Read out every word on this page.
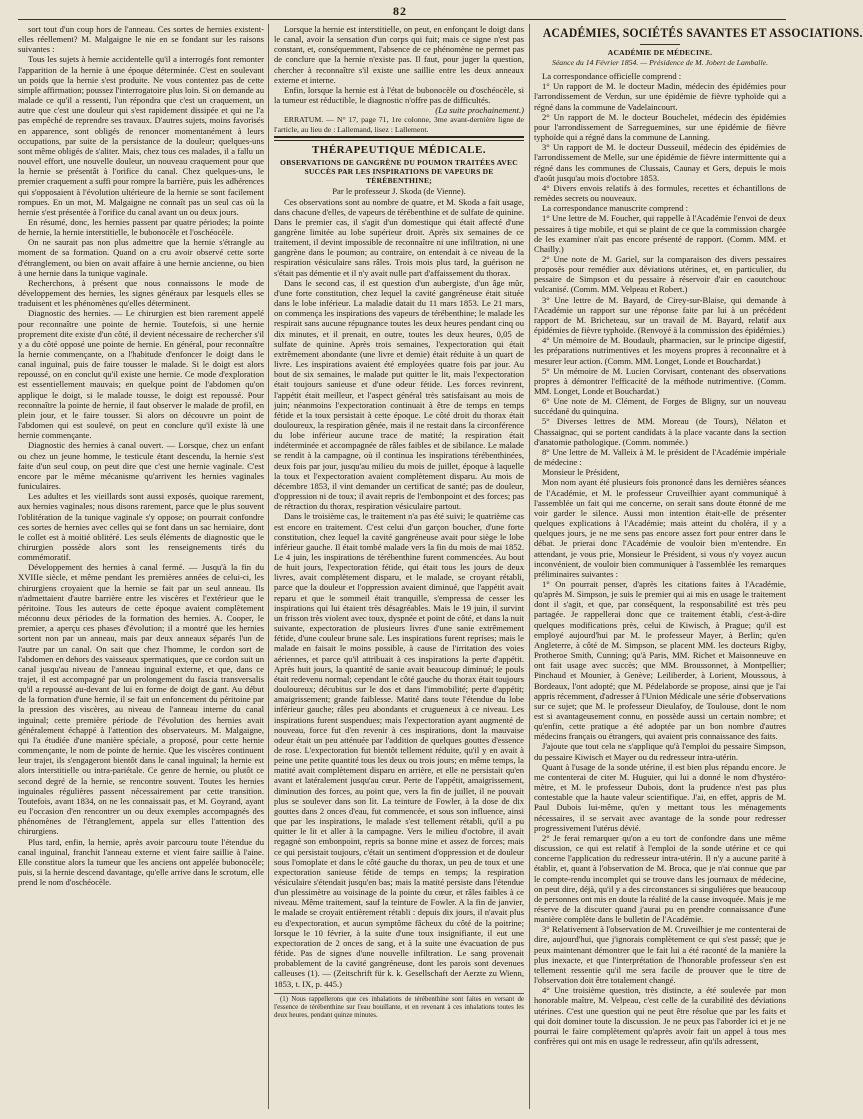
82

sort tout d'un coup hors de l'anneau. Ces sortes de hernies existent-elles réellement? M. Malgaigne le nie en se fondant sur les raisons suivantes :

Tous les sujets à hernie accidentelle qu'il a interrogés font remonter l'apparition de la hernie à une époque déterminée. C'est en soulevant un poids que la hernie s'est produite. Ne vous contentez pas de cette simple affirmation; poussez l'interrogatoire plus loin. Si on demande au malade ce qu'il a ressenti, l'un répondra que c'est un craquement, un autre que c'est une douleur qui s'est rapidement dissipée et qui ne l'a pas empêché de reprendre ses travaux. D'autres sujets, moins favorisés en apparence, sont obligés de renoncer momentanément à leurs occupations, par suite de la persistance de la douleur; quelques-uns sont même obligés de s'aliter. Mais, chez tous ces malades, il a fallu un nouvel effort, une nouvelle douleur, un nouveau craquement pour que la hernie se présentât à l'orifice du canal. Chez quelques-uns, le premier craquement a suffi pour rompre la barrière, puis les adhérences qui s'opposaient à l'évolution ultérieure de la hernie se sont facilement rompues. En un mot, M. Malgaigne ne connaît pas un seul cas où la hernie s'est présentée à l'orifice du canal avant un ou deux jours.

En résumé, donc, les hernies passent par quatre périodes; la pointe de hernie, la hernie interstitielle, le bubonocèle et l'oschéocèle.

On ne saurait pas non plus admettre que la hernie s'étrangle au moment de sa formation. Quand on a cru avoir observé cette sorte d'étranglement, ou bien on avait affaire à une hernie ancienne, ou bien à une hernie dans la tunique vaginale.

Recherchons, à présent que nous connaissons le mode de développement des hernies, les signes généraux par lesquels elles se traduisent et les phénomènes qu'elles déterminent.

Diagnostic des hernies. — Le chirurgien est bien rarement appelé pour reconnaître une pointe de hernie. Toutefois, si une hernie proprement dite existe d'un côté, il devient nécessaire de rechercher s'il y a du côté opposé une pointe de hernie. En général, pour reconnaître la hernie commençante, on a l'habitude d'enfoncer le doigt dans le canal inguinal, puis de faire tousser le malade. Si le doigt est alors repoussé, on en conclut qu'il existe une hernie. Ce mode d'exploration est essentiellement mauvais; en quelque point de l'abdomen qu'on applique le doigt, si le malade tousse, le doigt est repoussé. Pour reconnaître la pointe de hernie, il faut observer le malade de profil, en plein jour, et le faire tousser. Si alors on découvre un point de l'abdomen qui est soulevé, on peut en conclure qu'il existe là une hernie commençante.

Diagnostic des hernies à canal ouvert. — Lorsque, chez un enfant ou chez un jeune homme, le testicule étant descendu, la hernie s'est faite d'un seul coup, on peut dire que c'est une hernie vaginale. C'est encore par le même mécanisme qu'arrivent les hernies vaginales funiculaires.

Les adultes et les vieillards sont aussi exposés, quoique rarement, aux hernies vaginales; nous disons rarement, parce que le plus souvent l'oblitération de la tunique vaginale s'y oppose; on pourrait confondre ces sortes de hernies avec celles qui se font dans un sac herniaire, dont le collet est à moitié oblitéré. Les seuls éléments de diagnostic que le chirurgien possède alors sont les renseignements tirés du commémoratif.

Développement des hernies à canal fermé. — Jusqu'à la fin du XVIIIe siècle, et même pendant les premières années de celui-ci, les chirurgiens croyaient que la hernie se fait par un seul anneau. Ils n'admettaient d'autre barrière entre les viscères et l'extérieur que le péritoine. Tous les auteurs de cette époque avaient complètement méconnu deux périodes de la formation des hernies. A. Cooper, le premier, a aperçu ces phases d'évolution; il a montré que les hernies sortent non par un anneau, mais par deux anneaux séparés l'un de l'autre par un canal. On sait que chez l'homme, le cordon sort de l'abdomen en dehors des vaisseaux spermatiques, que ce cordon suit un canal jusqu'au niveau de l'anneau inguinal externe, et que, dans ce trajet, il est accompagné par un prolongement du fascia transversalis qu'il a repoussé au-devant de lui en forme de doigt de gant. Au début de la formation d'une hernie, il se fait un enfoncement du péritoine par la pression des viscères, au niveau de l'anneau interne du canal inguinal; cette première période de l'évolution des hernies avait généralement échappé à l'attention des observateurs. M. Malgaigne, qui l'a étudiée d'une manière spéciale, a proposé, pour cette hernie commençante, le nom de pointe de hernie. Que les viscères continuent leur trajet, ils s'engageront bientôt dans le canal inguinal; la hernie est alors interstitielle ou intra-pariétale. Ce genre de hernie, ou plutôt ce second degré de la hernie, se rencontre souvent. Toutes les hernies inguinales régulières passent nécessairement par cette transition. Toutefois, avant 1834, on ne les connaissait pas, et M. Goyrand, ayant eu l'occasion d'en rencontrer un ou deux exemples accompagnés des phénomènes de l'étranglement, appela sur elles l'attention des chirurgiens.

Plus tard, enfin, la hernie, après avoir parcouru toute l'étendue du canal inguinal, franchit l'anneau externe et vient faire saillie à l'aine. Elle constitue alors la tumeur que les anciens ont appelée bubonocèle; puis, si la hernie descend davantage, qu'elle arrive dans le scrotum, elle prend le nom d'oschéocèle.

Lorsque la hernie est interstitielle, on peut, en enfonçant le doigt dans le canal, avoir la sensation d'un corps qui fuit; mais ce signe n'est pas constant, et, conséquemment, l'absence de ce phénomène ne permet pas de conclure que la hernie n'existe pas. Il faut, pour juger la question, chercher à reconnaître s'il existe une saillie entre les deux anneaux externe et interne.

Enfin, lorsque la hernie est à l'état de bubonocèle ou d'oschéocèle, si la tumeur est réductible, le diagnostic n'offre pas de difficultés.

(La suite prochainement.)

ERRATUM. — N° 17, page 71, 1re colonne, 3me avant-dernière ligne de l'article, au lieu de : Lallemand, lisez : Lallement.

THÉRAPEUTIQUE MÉDICALE.
OBSERVATIONS DE GANGRÈNE DU POUMON TRAITÉES AVEC SUCCÈS PAR LES INSPIRATIONS DE VAPEURS DE TÉRÉBENTHINE;

Par le professeur J. Skoda (de Vienne).

Ces observations sont au nombre de quatre, et M. Skoda a fait usage, dans chacune d'elles, de vapeurs de térébenthine et de sulfate de quinine. Dans le premier cas, il s'agit d'un domestique qui était affecté d'une gangrène limitée au lobe supérieur droit. Après six semaines de ce traitement, il devint impossible de reconnaître ni une infiltration, ni une gangrène dans le poumon; au contraire, on entendait à ce niveau de la respiration vésiculaire sans râles. Trois mois plus tard, la guérison ne s'était pas démentie et il n'y avait nulle part d'affaissement du thorax.

Dans le second cas, il est question d'un aubergiste, d'un âge mûr, d'une forte constitution, chez lequel la cavité gangréneuse était située dans le lobe inférieur. La maladie datait du 11 mars 1853. Le 21 mars, on commença les inspirations des vapeurs de térébenthine; le malade les respirait sans aucune répugnance toutes les deux heures pendant cinq ou dix minutes, et il prenait, en outre, toutes les deux heures, 0,05 de sulfate de quinine. Après trois semaines, l'expectoration qui était extrêmement abondante (une livre et demie) était réduite à un quart de livre. Les inspirations avaient été employées quatre fois par jour. Au bout de six semaines, le malade put quitter le lit, mais l'expectoration était toujours sanieuse et d'une odeur fétide. Les forces revinrent, l'appétit était meilleur, et l'aspect général très satisfaisant au mois de juin; néanmoins l'expectoration continuait à être de temps en temps fétide et la toux persistait à cette époque. Le côté droit du thorax était douloureux, la respiration gênée, mais il ne restait dans la circonférence du lobe inférieur aucune trace de matité; la respiration était indéterminée et accompagnée de râles faibles et de sibilance. Le malade se rendit à la campagne, où il continua les inspirations térébenthinées, deux fois par jour, jusqu'au milieu du mois de juillet, époque à laquelle la toux et l'expectoration avaient complètement disparu. Au mois de décembre 1853, il vint demander un certificat de santé; pas de douleur, d'oppression ni de toux; il avait repris de l'embonpoint et des forces; pas de rétraction du thorax, respiration vésiculaire partout.

Dans le troisième cas, le traitement n'a pas été suivi; le quatrième cas est encore en traitement. C'est celui d'un garçon boucher, d'une forte constitution, chez lequel la cavité gangréneuse avait pour siège le lobe inférieur gauche. Il était tombé malade vers la fin du mois de mai 1852. Le 4 juin, les inspirations de térébenthine furent commencées. Au bout de huit jours, l'expectoration fétide, qui était tous les jours de deux livres, avait complètement disparu, et le malade, se croyant rétabli, parce que la douleur et l'oppression avaient diminué, que l'appétit avait reparu et que le sommeil était tranquille, s'empressa de cesser les inspirations qui lui étaient très désagréables. Mais le 19 juin, il survint un frisson très violent avec toux, dyspnée et point de côté, et dans la nuit suivante, expectoration de plusieurs livres d'une sanie extrêmement fétide, d'une couleur brune sale. Les inspirations furent reprises; mais le malade en faisait le moins possible, à cause de l'irritation des voies aériennes, et parce qu'il attribuait à ces inspirations la perte d'appétit. Après huit jours, la quantité de sanie avait beaucoup diminué; le pouls était redevenu normal; cependant le côté gauche du thorax était toujours douloureux; décubitus sur le dos et dans l'immobilité; perte d'appétit; amaigrissement; grande faiblesse. Matité dans toute l'étendue du lobe inférieur gauche; râles peu abondants et crugueneux à ce niveau. Les inspirations furent suspendues; mais l'expectoration ayant augmenté de nouveau, force fut d'en revenir à ces inspirations, dont la mauvaise odeur était un peu atténuée par l'addition de quelques gouttes d'essence de rose. L'expectoration fut bientôt tellement réduite, qu'il y en avait à peine une petite quantité tous les deux ou trois jours; en même temps, la matité avait complètement disparu en arrière, et elle ne persistait qu'en avant et latéralement jusqu'au cœur. Perte de l'appétit, amaigrissement, diminution des forces, au point que, vers la fin de juillet, il ne pouvait plus se soulever dans son lit. La teinture de Fowler, à la dose de dix gouttes dans 2 onces d'eau, fut commencée, et sous son influence, ainsi que par les inspirations, le malade s'est tellement rétabli, qu'il a pu quitter le lit et aller à la campagne. Vers le milieu d'octobre, il avait regagné son embonpoint, repris sa bonne mine et assez de forces; mais ce qui persistait toujours, c'était un sentiment d'oppression et de douleur sous l'omoplate et dans le côté gauche du thorax, un peu de toux et une expectoration sanieuse fétide de temps en temps; la respiration vésiculaire s'étendait jusqu'en bas; mais la matité persiste dans l'étendue d'un plessimètre au voisinage de la pointe du cœur, et râles faibles à ce niveau. Même traitement, sauf la teinture de Fowler. A la fin de janvier, le malade se croyait entièrement rétabli : depuis dix jours, il n'avait plus eu d'expectoration, et aucun symptôme fâcheux du côté de la poitrine; lorsque le 10 février, à la suite d'une toux insignifiante, il eut une expectoration de 2 onces de sang, et à la suite une évacuation de pus fétide. Pas de signes d'une nouvelle infiltration. Le sang provenait probablement de la cavité gangréneuse, dont les parois sont devenues calleuses (1). — (Zeitschrift für k. k. Gesellschaft der Aerzte zu Wienn, 1853, t. IX, p. 445.)

(1) Nous rappellerons que ces inhalations de térébenthine sont faites en versant de l'essence de térébenthine sur l'eau bouillante, et en revenant à ces inhalations toutes les deux heures, pendant quinze minutes.

ACADÉMIES, SOCIÉTÉS SAVANTES ET ASSOCIATIONS.
ACADÉMIE DE MÉDECINE.
Séance du 14 Février 1854. — Présidence de M. Jobert de Lamballe.

La correspondance officielle comprend :

1° Un rapport de M. le docteur Madin, médecin des épidémies pour l'arrondissement de Verdun, sur une épidémie de fièvre typhoïde qui a régné dans la commune de Vadelaincourt.

2° Un rapport de M. le docteur Bouchelet, médecin des épidémies pour l'arrondissement de Sarreguemines, sur une épidémie de fièvre typhoïde qui a régné dans la commune de Lanning.

3° Un rapport de M. le docteur Dusseuil, médecin des épidémies de l'arrondissement de Melle, sur une épidémie de fièvre intermittente qui a régné dans les communes de Clussais, Caunay et Gers, depuis le mois d'août jusqu'au mois d'octobre 1853.

4° Divers envois relatifs à des formules, recettes et échantillons de remèdes secrets ou nouveaux.

La correspondance manuscrite comprend :

1° Une lettre de M. Foucher, qui rappelle à l'Académie l'envoi de deux pessaires à tige mobile, et qui se plaint de ce que la commission chargée de les examiner n'ait pas encore présenté de rapport. (Comm. MM. et Chailly.)

2° Une note de M. Gariel, sur la comparaison des divers pessaires proposés pour remédier aux déviations utérines, et, en particulier, du pessaire de Simpson et du pessaire à réservoir d'air en caoutchouc vulcanisé. (Comm. MM. Velpeau et Robert.)

3° Une lettre de M. Bayard, de Cirey-sur-Blaise, qui demande à l'Académie un rapport sur une réponse faite par lui à un précédent rapport de M. Bricheteau, sur un travail de M. Bayard, relatif aux épidémies de fièvre typhoïde. (Renvoyé à la commission des épidémies.)

4° Un mémoire de M. Boudault, pharmacien, sur le principe digestif, les préparations nutrimentives et les moyens propres à reconnaître et à mesurer leur action. (Comm. MM. Longet, Londe et Bouchardat.)

5° Un mémoire de M. Lucien Corvisart, contenant des observations propres à démontrer l'efficacité de la méthode nutrimentive. (Comm. MM. Longet, Londe et Bouchardat.)

6° Une note de M. Clément, de Forges de Bligny, sur un nouveau succédané du quinquina.

5° Diverses lettres de MM. Moreau (de Tours), Nélaton et Chassaignac, qui se portent candidats à la place vacante dans la section d'anatomie pathologique. (Comm. nommée.)

8° Une lettre de M. Valleix à M. le président de l'Académie impériale de médecine :

Monsieur le Président,

Mon nom ayant été plusieurs fois prononcé dans les dernières séances de l'Académie, et M. le professeur Cruveilhier ayant communiqué à l'assemblée un fait qui me concerne, on serait sans doute étonné de me voir garder le silence. Aussi mon intention était-elle de présenter quelques explications à l'Académie; mais atteint du choléra, il y a quelques jours, je ne me sens pas encore assez fort pour entrer dans le débat. Je prierai donc l'Académie de vouloir bien m'entendre. En attendant, je vous prie, Monsieur le Président, si vous n'y voyez aucun inconvénient, de vouloir bien communiquer à l'assemblée les remarques préliminaires suivantes :

1° On pourrait penser, d'après les citations faites à l'Académie, qu'après M. Simpson, je suis le premier qui ai mis en usage le traitement dont il s'agit, et que, par conséquent, la responsabilité est très peu partagée. Je rappellerai donc que ce traitement établi, c'est-à-dire quelques modifications près, celui de Kiwisch, à Prague; qu'il est employé aujourd'hui par M. le professeur Mayer, à Berlin; qu'en Angleterre, à côté de M. Simpson, se placent MM. les docteurs Rigby, Protheroe Smith, Cunning; qu'à Paris, MM. Richet et Maisonneuve en ont fait usage avec succès; que MM. Broussonnet, à Montpellier; Pinchaud et Mounier, à Genève; Leiliberder, à Lorient, Moussous, à Bordeaux, l'ont adopté; que M. Pédelaborde se propose, ainsi que je l'ai appris récemment, d'adresser à l'Union Médicale une série d'observations sur ce sujet; que M. le professeur Dieulafoy, de Toulouse, dont le nom est si avantageusement connu, en possède aussi un certain nombre; et qu'enfin, cette pratique a été adoptée par un bon nombre d'autres médecins français ou étrangers, qui avaient pris connaissance des faits.

J'ajoute que tout cela ne s'applique qu'à l'emploi du pessaire Simpson, du pessaire Kiwisch et Mayer ou du redresseur intra-utérin.

Quant à l'usage de la sonde utérine, il est bien plus répandu encore. Je me contenterai de citer M. Huguier, qui lui a donné le nom d'hystéro-mètre, et M. le professeur Dubois, dont la prudence n'est pas plus contestable que la haute valeur scientifique. J'ai, en effet, appris de M. Paul Dubois lui-même, qu'en y mettant tous les ménagements nécessaires, il se servait avec avantage de la sonde pour redresser progressivement l'utérus dévié.

2° Je ferai remarquer qu'on a eu tort de confondre dans une même discussion, ce qui est relatif à l'emploi de la sonde utérine et ce qui concerne l'application du redresseur intra-utérin. Il n'y a aucune parité à établir, et, quant à l'observation de M. Broca, que je n'ai connue que par le compte-rendu incomplet qui se trouve dans les journaux de médecine, on peut dire, déjà, qu'il y a des circonstances si singulières que beaucoup de personnes ont mis en doute la réalité de la cause invoquée. Mais je me réserve de la discuter quand j'aurai pu en prendre connaissance d'une manière complète dans le bulletin de l'Académie.

3° Relativement à l'observation de M. Cruveilhier je me contenterai de dire, aujourd'hui, que j'ignorais complètement ce qui s'est passé; que je peux maintenant démontrer que le fait lui a été raconté de la manière la plus inexacte, et que l'interprétation de l'honorable professeur s'en est tellement ressentie qu'il me sera facile de prouver que le titre de l'observation doit être totalement changé.

4° Une troisième question, très distincte, a été soulevée par mon honorable maître, M. Velpeau, c'est celle de la curabilité des déviations utérines. C'est une question qui ne peut être résolue que par les faits et qui doit dominer toute la discussion. Je ne peux pas l'aborder ici et je ne pourrai le faire complètement qu'après avoir fait un appel à tous mes confrères qui ont mis en usage le redresseur, afin qu'ils adressent,
